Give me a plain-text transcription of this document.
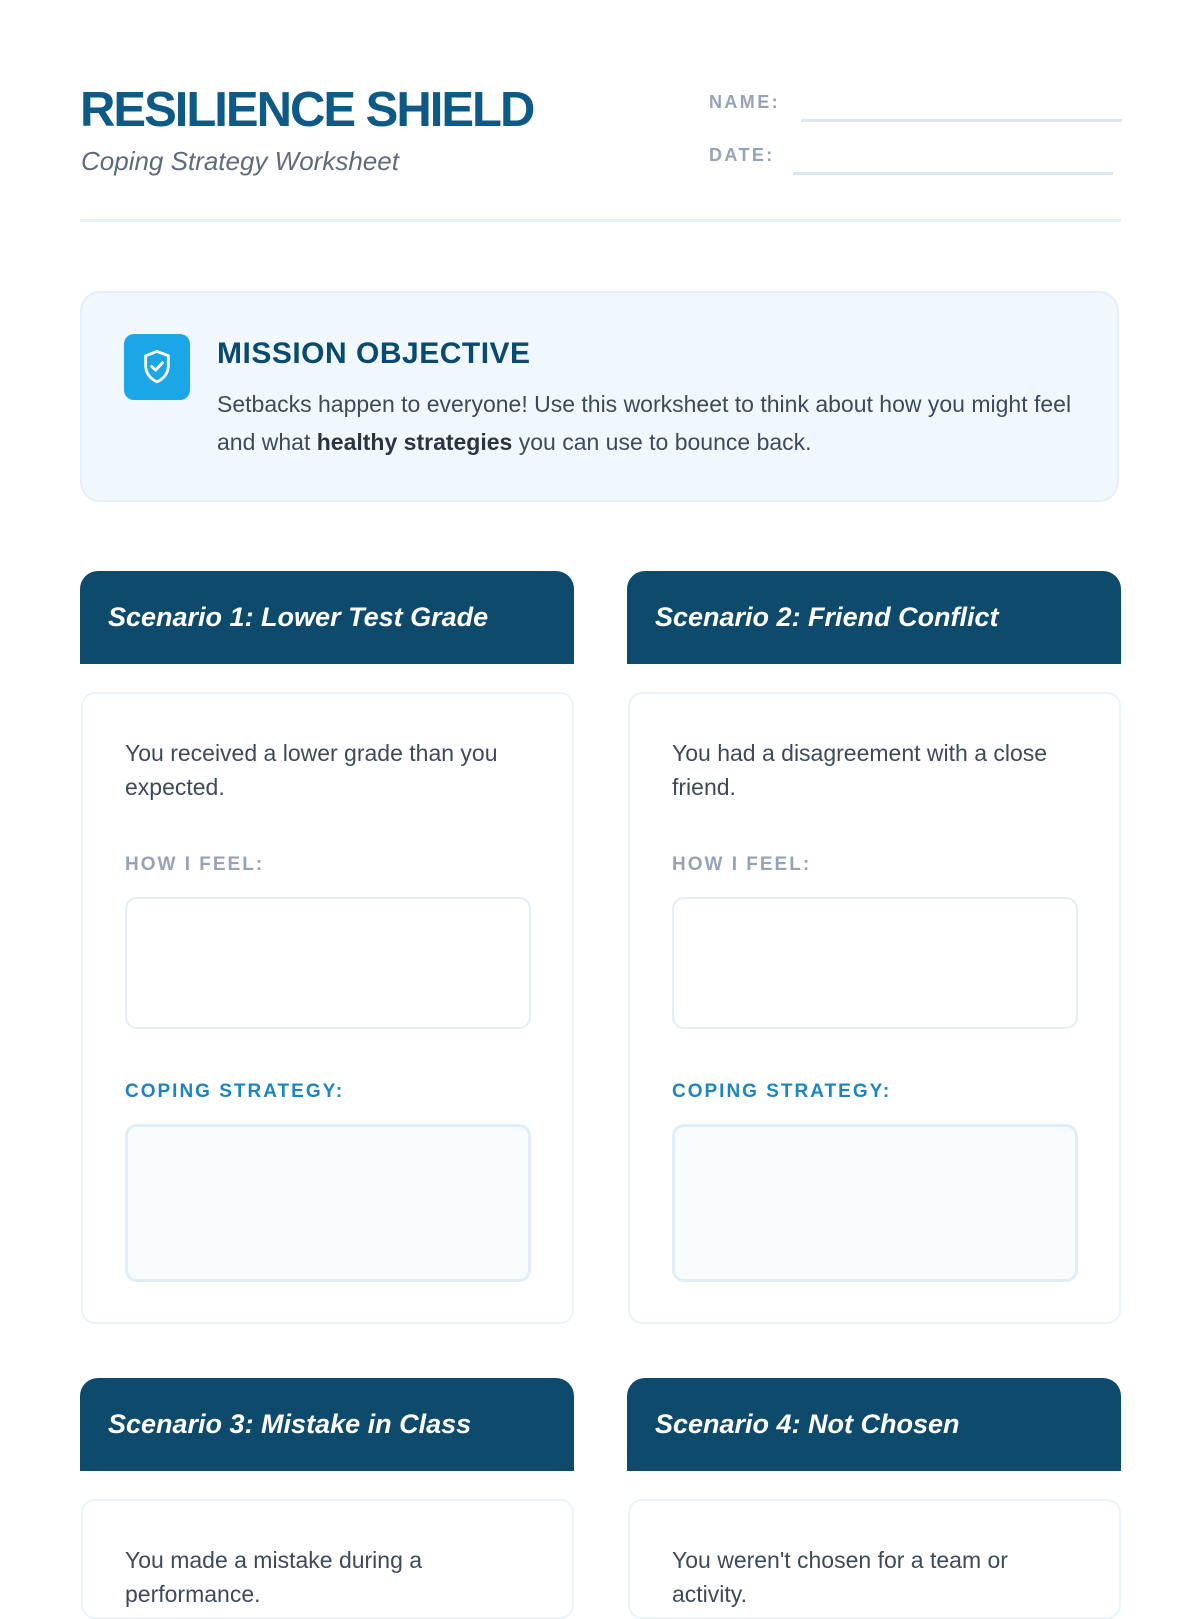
RESILIENCE SHIELD
Coping Strategy Worksheet
NAME:
DATE:
MISSION OBJECTIVE
Setbacks happen to everyone! Use this worksheet to think about how you might feel and what healthy strategies you can use to bounce back.
Scenario 1: Lower Test Grade
You received a lower grade than you expected.
HOW I FEEL:
COPING STRATEGY:
Scenario 2: Friend Conflict
You had a disagreement with a close friend.
HOW I FEEL:
COPING STRATEGY:
Scenario 3: Mistake in Class
You made a mistake during a performance.
Scenario 4: Not Chosen
You weren't chosen for a team or activity.
